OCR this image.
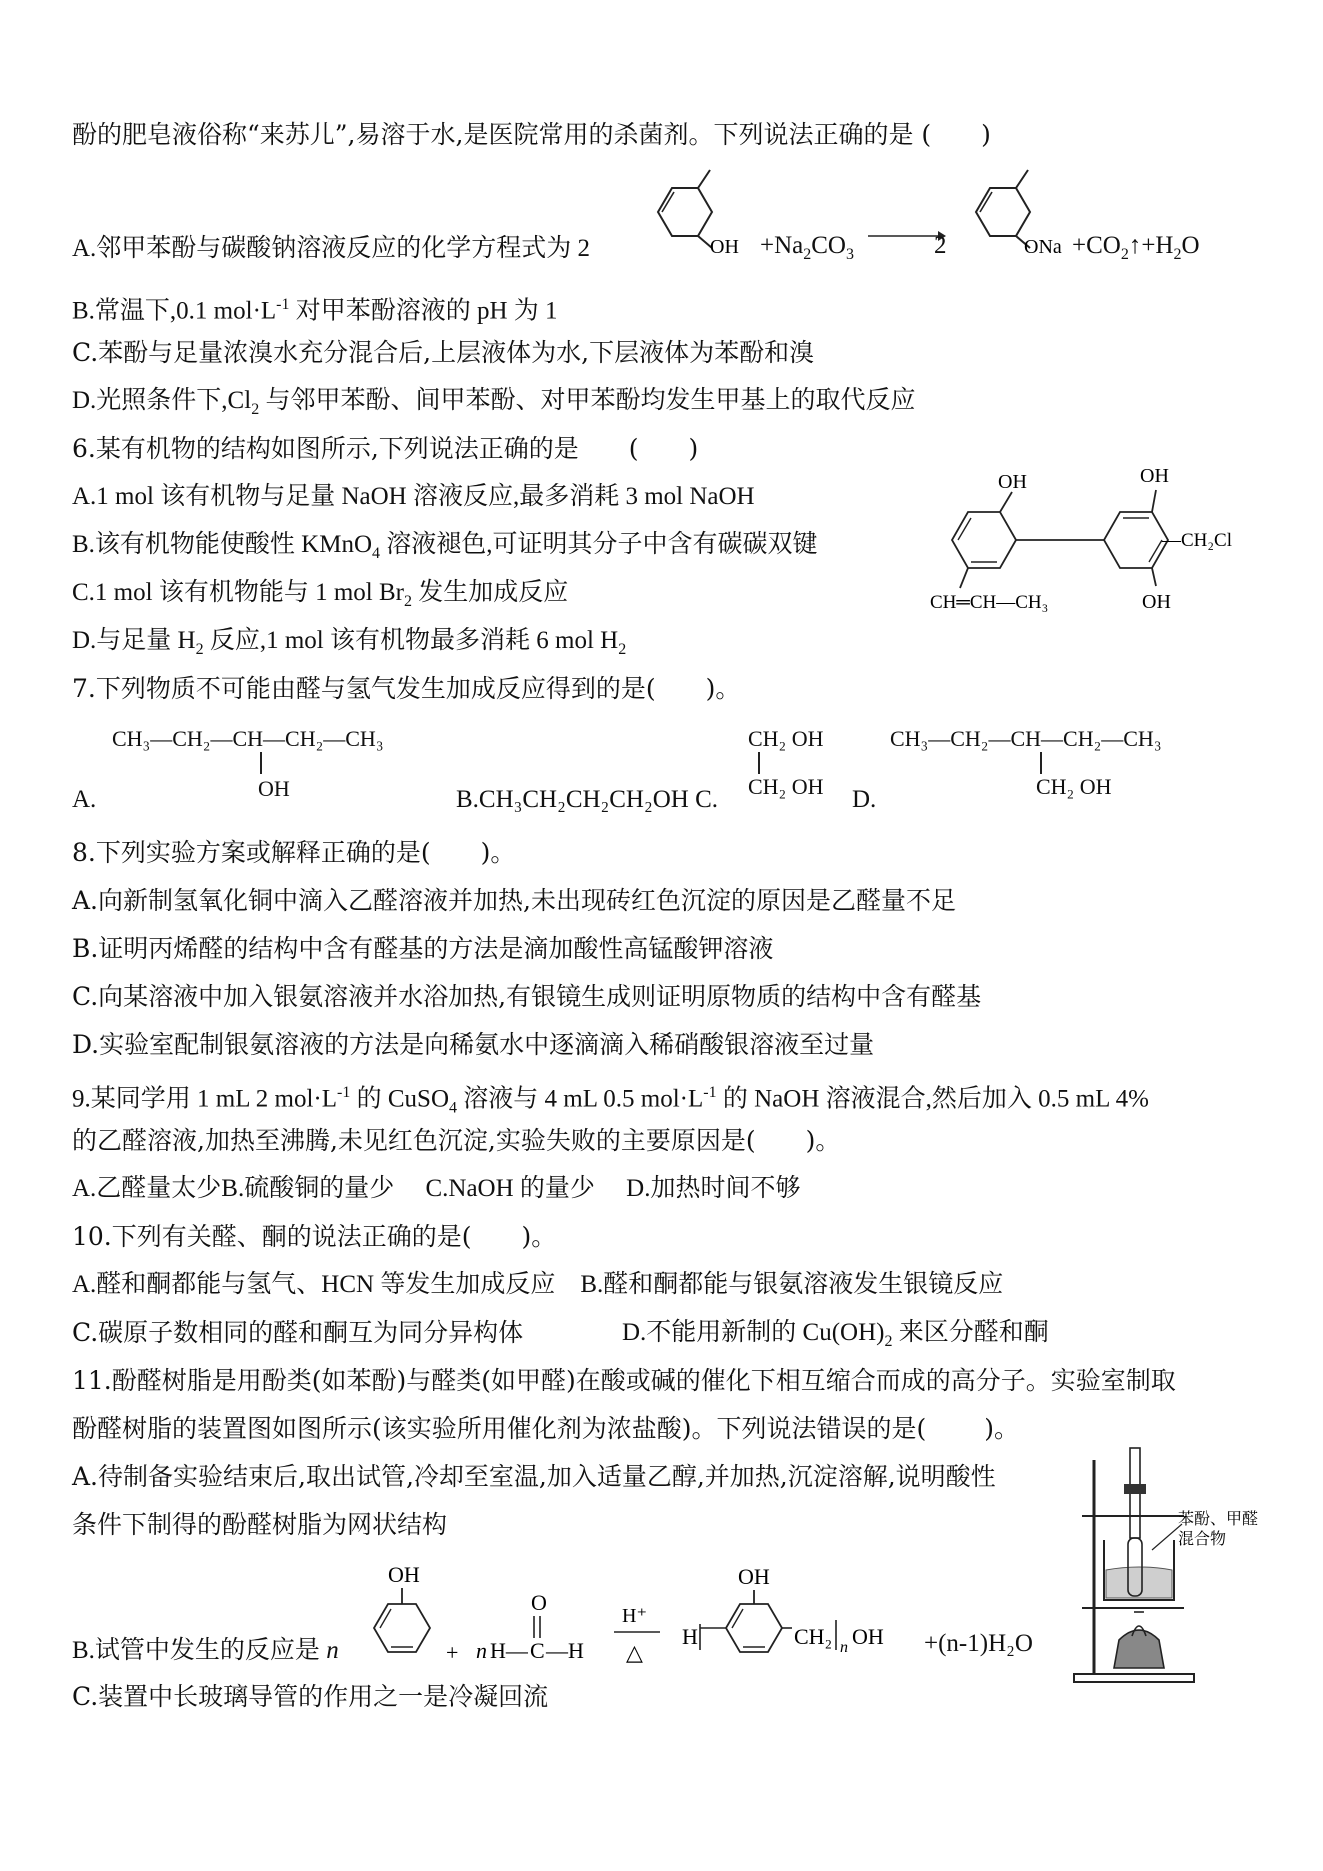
酚的肥皂液俗称“来苏儿”,易溶于水,是医院常用的杀菌剂。下列说法正确的是 (　　)
A.邻甲苯酚与碳酸钠溶液反应的化学方程式为 2	OH $+Na_2CO_3$	2	ONa $+CO_2↑+H_2O$
B.常温下,0.1 $mol\cdot L^{-1}$ 对甲苯酚溶液的 pH 为 1
C.苯酚与足量浓溴水充分混合后,上层液体为水,下层液体为苯酚和溴
D.光照条件下$,Cl_2$ 与邻甲苯酚、间甲苯酚、对甲苯酚均发生甲基上的取代反应
6.某有机物的结构如图所示,下列说法正确的是　　(　　)
A.1 mol 该有机物与足量 NaOH 溶液反应,最多消耗 3 mol NaOH
B.该有机物能使酸性 KMnO$_4$ 溶液褪色,可证明其分子中含有碳碳双键
C.1 mol 该有机物能与 1 mol $Br_2$ 发生加成反应
D.与足量 $H_2$ 反应,1 mol 该有机物最多消耗 6 mol $H_2$
OH
CH═CH—CH₃
OH
—CH₂Cl
OH
7.下列物质不可能由醛与氢气发生加成反应得到的是(　　)。
CH₃—CH₂—CH—CH₂—CH₃
OH
A.	B.CH₃CH₂CH₂CH₂OH C.
CH₂ OH
CH₂ OH D.
CH₃—CH₂—CH—CH₂—CH₃
CH₂ OH
8.下列实验方案或解释正确的是(　　)。
A.向新制氢氧化铜中滴入乙醛溶液并加热,未出现砖红色沉淀的原因是乙醛量不足
B.证明丙烯醛的结构中含有醛基的方法是滴加酸性高锰酸钾溶液
C.向某溶液中加入银氨溶液并水浴加热,有银镜生成则证明原物质的结构中含有醛基
D.实验室配制银氨溶液的方法是向稀氨水中逐滴滴入稀硝酸银溶液至过量
9.某同学用 1 mL 2 $mol\cdot L^{-1}$ 的 CuSO$_4$ 溶液与 4 mL 0.5 $mol\cdot L^{-1}$ 的 NaOH 溶液混合,然后加入 0.5 mL 4%
的乙醛溶液,加热至沸腾,未见红色沉淀,实验失败的主要原因是(　　)。
A.乙醛量太少B.硫酸铜的量少　 C.NaOH 的量少　 D.加热时间不够
10.下列有关醛、酮的说法正确的是(　　)。
A.醛和酮都能与氢气、HCN 等发生加成反应　B.醛和酮都能与银氨溶液发生银镜反应
C.碳原子数相同的醛和酮互为同分异构体	D.不能用新制的 $Cu(OH)_2$ 来区分醛和酮
11.酚醛树脂是用酚类(如苯酚)与醛类(如甲醛)在酸或碱的催化下相互缩合而成的高分子。实验室制取
酚醛树脂的装置图如图所示(该实验所用催化剂为浓盐酸)。下列说法错误的是(　　 )。
A.待制备实验结束后,取出试管,冷却至室温,加入适量乙醇,并加热,沉淀溶解,说明酸性
条件下制得的酚醛树脂为网状结构
B.试管中发生的反应是 n
OH
+ n H— C —H
O
H⁺
△
H
OH
CH₂ n OH +(n-1)H₂O
C.装置中长玻璃导管的作用之一是冷凝回流
苯酚、甲醛
混合物
